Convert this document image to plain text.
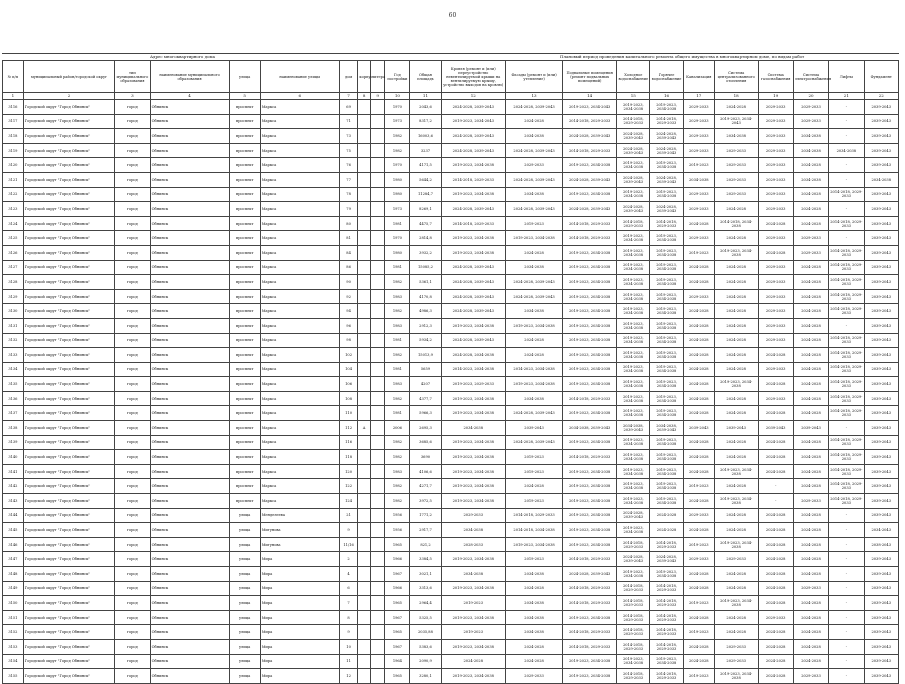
60
Адрес многоквартирного дома	Плановый период проведения капитального ремонта общего имущества в многоквартирном доме, по видам работ
№ п/п	муниципальный район/городской округ	тип муниципального образования	наименование муниципального образования	улица	наименование улицы	дом	корпус	литера	Год постройки	Общая площадь	Кровля (ремонт и (или) переустройство невентилируемой крыши на вентилируемую крышу, устройство выходов на кровлю)	Фасады (ремонт и (или) утепление)	Подвальные помещения (ремонт подвальных помещений)	Холодное водоснабжение	Горячее водоснабжение	Канализация	Система централизованного отопления	Система газоснабжения	Система электроснабжения	Лифты	Фундамент
1	2	3	4	5	6	7	8	9	10	11	12	13	14	15	16	17	18	19	20	21	22
3116	Городской округ "Город Обнинск"	город	Обнинск	проспект	Маркса	69			1970	2043,6	2024-2028, 2039-2043	2024-2028, 2039-2043	2019-2023, 2034-2043	2019-2023, 2034-2038	2019-2023, 2034-2038	2029-2033	2024-2028	2029-2033	2029-2033	-	2039-2043
3117	Городской округ "Город Обнинск"	город	Обнинск	проспект	Маркса	71			1973	8317,2	2019-2023, 2034-2043	2024-2028	2014-2018, 2029-2033	2014-2018, 2029-2033	2014-2018, 2029-2033	2029-2033	2019-2023, 2034-2043	2029-2033	2029-2033	-	2039-2043
3118	Городской округ "Город Обнинск"	город	Обнинск	проспект	Маркса	73			1982	16003,6	2024-2028, 2039-2043	2034-2038	2024-2028, 2039-2043	2024-2028, 2039-2043	2024-2028, 2039-2043	2029-2033	2034-2038	2029-2033	2034-2038	-	2039-2043
3119	Городской округ "Город Обнинск"	город	Обнинск	проспект	Маркса	75			1982	3237	2024-2028, 2039-2043	2024-2028, 2039-2043	2014-2018, 2029-2033	2024-2028, 2039-2043	2024-2028, 2039-2043	2029-2033	2029-2033	2029-2033	2034-2038	2034-2038	2039-2043
3120	Городской округ "Город Обнинск"	город	Обнинск	проспект	Маркса	76			1970	4171,5	2019-2023, 2034-2038	2029-2033	2019-2023, 2034-2038	2019-2023, 2034-2038	2019-2023, 2034-2038	2019-2023	2029-2033	2029-2033	2024-2028	-	2039-2043
3121	Городской округ "Город Обнинск"	город	Обнинск	проспект	Маркса	77			1980	5644,2	2014-2018, 2029-2033	2024-2028, 2039-2043	2024-2028, 2039-2043	2024-2028, 2039-2043	2024-2028, 2039-2043	2034-2038	2029-2033	2029-2033	2034-2038	-	2034-2038
3122	Городской округ "Город Обнинск"	город	Обнинск	проспект	Маркса	78			1980	11284,7	2019-2023, 2034-2038	2034-2038	2019-2023, 2034-2038	2019-2023, 2034-2038	2019-2023, 2034-2038	2029-2033	2029-2033	2029-2033	2024-2028	2014-2018, 2029-2033	2039-2043
3123	Городской округ "Город Обнинск"	город	Обнинск	проспект	Маркса	79			1973	8269,1	2024-2028, 2039-2043	2024-2028, 2039-2043	2024-2028, 2039-2043	2024-2028, 2039-2043	2024-2028, 2039-2043	2029-2033	2024-2028	2029-2033	2024-2028	-	2039-2043
3124	Городской округ "Город Обнинск"	город	Обнинск	проспект	Маркса	80			1981	4475,7	2014-2018, 2029-2033	2019-2023	2014-2018, 2029-2033	2014-2018, 2029-2033	2014-2018, 2029-2033	2024-2028	2014-2018, 2034-2038	2024-2028	2024-2028	2014-2018, 2029-2033	2039-2043
3125	Городской округ "Город Обнинск"	город	Обнинск	проспект	Маркса	81			1970	2814,8	2019-2023, 2034-2038	2019-2023, 2034-2038	2014-2018, 2029-2033	2019-2023, 2034-2038	2019-2023, 2034-2038	2029-2033	2024-2028	2029-2033	2029-2033	-	2039-2043
3126	Городской округ "Город Обнинск"	город	Обнинск	проспект	Маркса	84			1980	3932,2	2019-2023, 2034-2038	2024-2028	2019-2023, 2034-2038	2019-2023, 2034-2038	2019-2023, 2034-2038	2019-2023	2019-2023, 2034-2038	2024-2028	2029-2033	2014-2018, 2029-2033	2039-2043
3127	Городской округ "Город Обнинск"	город	Обнинск	проспект	Маркса	86			1981	15085,2	2024-2028, 2039-2043	2034-2038	2019-2023, 2034-2038	2019-2023, 2034-2038	2019-2023, 2034-2038	2024-2028	2024-2028	2029-2033	2024-2028	2014-2018, 2029-2033	2039-2043
3128	Городской округ "Город Обнинск"	город	Обнинск	проспект	Маркса	90			1982	5361,1	2024-2028, 2039-2043	2024-2028, 2039-2043	2019-2023, 2034-2038	2019-2023, 2034-2038	2019-2023, 2034-2038	2024-2028	2024-2028	2029-2033	2024-2028	2014-2018, 2029-2033	2039-2043
3129	Городской округ "Город Обнинск"	город	Обнинск	проспект	Маркса	92			1983	4170,8	2024-2028, 2039-2043	2024-2028, 2039-2043	2019-2023, 2034-2038	2019-2023, 2034-2038	2019-2023, 2034-2038	2029-2033	2024-2028	2029-2033	2024-2028	2014-2018, 2029-2033	2039-2043
3130	Городской округ "Город Обнинск"	город	Обнинск	проспект	Маркса	94			1982	4986,3	2024-2028, 2039-2043	2034-2038	2019-2023, 2034-2038	2019-2023, 2034-2038	2019-2023, 2034-2038	2024-2028	2024-2028	2029-2033	2024-2028	2014-2018, 2029-2033	2039-2043
3131	Городской округ "Город Обнинск"	город	Обнинск	проспект	Маркса	96			1983	2912,3	2019-2023, 2034-2038	2019-2023, 2034-2038	2019-2023, 2034-2038	2019-2023, 2034-2038	2019-2023, 2034-2038	2024-2028	2024-2028	2029-2033	2024-2028	-	2039-2043
3132	Городской округ "Город Обнинск"	город	Обнинск	проспект	Маркса	98			1981	5934,2	2024-2028, 2039-2043	2024-2028	2019-2023, 2034-2038	2019-2023, 2034-2038	2019-2023, 2034-2038	2024-2028	2024-2028	2029-2033	2024-2028	2014-2018, 2029-2033	2039-2043
3133	Городской округ "Город Обнинск"	город	Обнинск	проспект	Маркса	102			1982	15013,9	2024-2028, 2034-2038	2024-2028	2019-2023, 2034-2038	2019-2023, 2034-2038	2019-2023, 2034-2038	2024-2028	2024-2028	2024-2028	2024-2028	2014-2018, 2029-2033	2039-2043
3134	Городской округ "Город Обнинск"	город	Обнинск	проспект	Маркса	104			1981	5659	2014-2023, 2034-2038	2014-2023, 2034-2038	2019-2023, 2034-2038	2019-2023, 2034-2038	2019-2023, 2034-2038	2024-2028	2024-2028	2029-2033	2024-2028	2014-2018, 2029-2033	2039-2043
3135	Городской округ "Город Обнинск"	город	Обнинск	проспект	Маркса	106			1983	4207	2019-2023, 2029-2033	2019-2023, 2034-2038	2019-2023, 2034-2038	2019-2023, 2034-2038	2019-2023, 2034-2038	2024-2028	2019-2023, 2034-2038	2024-2028	2024-2028	2014-2018, 2029-2033	2039-2043
3136	Городской округ "Город Обнинск"	город	Обнинск	проспект	Маркса	108			1982	4377,7	2019-2023, 2034-2038	2034-2038	2014-2018, 2029-2033	2019-2023, 2034-2038	2019-2023, 2034-2038	2024-2028	2024-2028	2029-2033	2024-2028	2014-2018, 2029-2033	2039-2043
3137	Городской округ "Город Обнинск"	город	Обнинск	проспект	Маркса	110			1981	5966,3	2019-2023, 2034-2038	2024-2028, 2039-2043	2019-2023, 2034-2038	2019-2023, 2034-2038	2019-2023, 2034-2038	2024-2028	2024-2028	2024-2028	2024-2028	2014-2018, 2029-2033	2039-2043
3138	Городской округ "Город Обнинск"	город	Обнинск	проспект	Маркса	112	А		2006	2695,3	2034-2038	2039-2043	2034-2038, 2039-2043	2034-2038, 2039-2043	2034-2038, 2039-2043	2039-2043	2039-2043	2039-2043	2039-2043	-	2039-2043
3139	Городской округ "Город Обнинск"	город	Обнинск	проспект	Маркса	116			1982	3685,6	2019-2023, 2034-2038	2024-2028, 2039-2043	2019-2023, 2034-2038	2019-2023, 2034-2038	2019-2023, 2034-2038	2024-2028	2024-2028	2024-2028	2024-2028	2014-2018, 2029-2033	2039-2043
3140	Городской округ "Город Обнинск"	город	Обнинск	проспект	Маркса	118			1982	3690	2019-2023, 2034-2038	2019-2023	2014-2018, 2029-2033	2019-2023, 2034-2038	2019-2023, 2034-2038	2024-2028	2024-2028	2024-2028	2024-2028	2014-2018, 2029-2033	2039-2043
3141	Городской округ "Город Обнинск"	город	Обнинск	проспект	Маркса	120			1983	4106,6	2019-2023, 2034-2038	2019-2023	2019-2023, 2034-2038	2019-2023, 2034-2038	2019-2023, 2034-2038	2024-2028	2019-2023, 2034-2038	2024-2028	2024-2028	2014-2018, 2029-2033	2039-2043
3142	Городской округ "Город Обнинск"	город	Обнинск	проспект	Маркса	122			1982	4271,7	2019-2023, 2034-2038	2024-2028	2019-2023, 2034-2038	2019-2023, 2034-2038	2019-2023, 2034-2038	2019-2023	2024-2028	-	2024-2028	2014-2018, 2029-2033	2039-2043
3143	Городской округ "Город Обнинск"	город	Обнинск	проспект	Маркса	124			1982	3972,5	2019-2023, 2034-2038	2019-2023	2019-2023, 2034-2038	2019-2023, 2034-2038	2019-2023, 2034-2038	2024-2028	2019-2023, 2034-2038	-	2029-2033	2014-2018, 2029-2033	2039-2043
3144	Городской округ "Город Обнинск"	город	Обнинск	улица	Менделеева	21			1956	1771,2	2029-2033	2014-2018, 2029-2033	2019-2023, 2034-2038	2024-2028, 2039-2043	2024-2028	2029-2033	2024-2028	2024-2028	2024-2028	-	2039-2043
3145	Городской округ "Город Обнинск"	город	Обнинск	улица	Мигунова	9			1956	2917,7	2034-2038	2014-2018, 2034-2038	2019-2023, 2034-2038	2019-2023, 2034-2038	2024-2028	2024-2028	2024-2028	2024-2028	2024-2028	-	2034-2043
3146	Городской округ "Город Обнинск"	город	Обнинск	улица	Мигунова	11/16			1965	821,2	2028-2033	2019-2023, 2034-2038	2019-2023, 2034-2038	2014-2018, 2029-2033	2014-2018, 2029-2033	2019-2023	2019-2023, 2034-2038	2024-2028	2024-2028	-	2038-2043
3147	Городской округ "Город Обнинск"	город	Обнинск	улица	Мира	2			1966	3384,5	2019-2023, 2034-2038	2019-2023	2014-2018, 2029-2033	2024-2028, 2039-2043	2024-2028, 2039-2043	2029-2033	2029-2033	2024-2028	2024-2028	-	2039-2043
3148	Городской округ "Город Обнинск"	город	Обнинск	улица	Мира	4			1967	3021,1	2034-2038	2034-2038	2024-2028, 2039-2043	2019-2023, 2034-2038	2019-2023, 2034-2038	2024-2028	2024-2028	2024-2028	2024-2028	-	2039-2043
3149	Городской округ "Город Обнинск"	город	Обнинск	улица	Мира	6			1966	3313,6	2019-2023, 2034-2038	2024-2028	2014-2018, 2029-2033	2014-2018, 2029-2033	2014-2018, 2029-2033	2024-2028	2024-2028	2024-2028	2029-2033	-	2039-2043
3150	Городской округ "Город Обнинск"	город	Обнинск	улица	Мира	7			1965	2964,4	2019-2023	2034-2038	2014-2018, 2029-2033	2014-2018, 2029-2033	2014-2018, 2029-2033	2019-2023	2019-2023, 2034-2038	2024-2028	2024-2028	-	2039-2043
3151	Городской округ "Город Обнинск"	город	Обнинск	улица	Мира	8			1967	5325,5	2019-2023, 2034-2038	2034-2038	2019-2023, 2034-2038	2014-2018, 2029-2033	2014-2018, 2029-2033	2024-2028	2024-2028	2029-2033	2024-2028	-	2039-2043
3152	Городской округ "Город Обнинск"	город	Обнинск	улица	Мира	9			1965	2035,88	2019-2023	2034-2038	2014-2018, 2029-2033	2014-2018, 2029-2033	2014-2018, 2029-2033	2019-2023	2024-2028	2024-2028	2024-2028	-	2039-2043
3153	Городской округ "Город Обнинск"	город	Обнинск	улица	Мира	10			1967	5383,6	2019-2023, 2034-2038	2024-2028	2014-2018, 2029-2033	2014-2018, 2029-2033	2014-2018, 2029-2033	2024-2028	2029-2033	2024-2028	2024-2028	-	2039-2043
3154	Городской округ "Город Обнинск"	город	Обнинск	улица	Мира	11			1964	2090,9	2024-2028	2024-2028	2019-2023, 2034-2038	2019-2023, 2034-2038	2019-2023, 2034-2038	2024-2028	2029-2033	2024-2028	2024-2028	-	2039-2043
3155	Городской округ "Город Обнинск"	город	Обнинск	улица	Мира	12			1965	3280,1	2019-2023, 2034-2038	2029-2033	2019-2023, 2034-2038	2014-2018, 2029-2033	2014-2018, 2029-2033	2019-2023	2019-2023, 2034-2038	2024-2028	2029-2033	-	2039-2043
